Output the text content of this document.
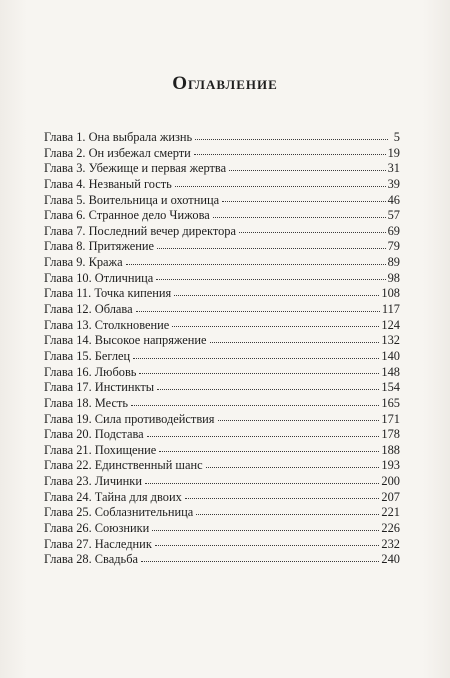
Оглавление
Глава 1. Она выбрала жизнь	5
Глава 2. Он избежал смерти	19
Глава 3. Убежище и первая жертва	31
Глава 4. Незваный гость	39
Глава 5. Воительница и охотница	46
Глава 6. Странное дело Чижова	57
Глава 7. Последний вечер директора	69
Глава 8. Притяжение	79
Глава 9. Кража	89
Глава 10. Отличница	98
Глава 11. Точка кипения	108
Глава 12. Облава	117
Глава 13. Столкновение	124
Глава 14. Высокое напряжение	132
Глава 15. Беглец	140
Глава 16. Любовь	148
Глава 17. Инстинкты	154
Глава 18. Месть	165
Глава 19. Сила противодействия	171
Глава 20. Подстава	178
Глава 21. Похищение	188
Глава 22. Единственный шанс	193
Глава 23. Личинки	200
Глава 24. Тайна для двоих	207
Глава 25. Соблазнительница	221
Глава 26. Союзники	226
Глава 27. Наследник	232
Глава 28. Свадьба	240
